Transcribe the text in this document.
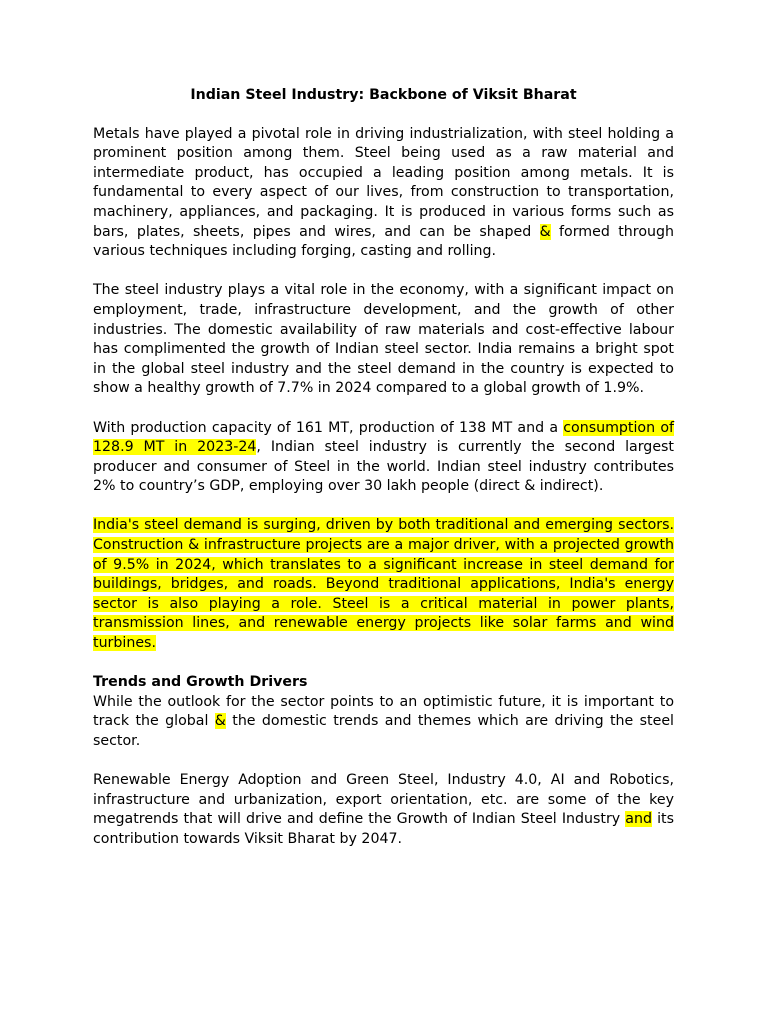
Indian Steel Industry: Backbone of Viksit Bharat

Metals have played a pivotal role in driving industrialization, with steel holding a prominent position among them. Steel being used as a raw material and intermediate product, has occupied a leading position among metals. It is fundamental to every aspect of our lives, from construction to transportation, machinery, appliances, and packaging. It is produced in various forms such as bars, plates, sheets, pipes and wires, and can be shaped & formed through various techniques including forging, casting and rolling.

The steel industry plays a vital role in the economy, with a significant impact on employment, trade, infrastructure development, and the growth of other industries. The domestic availability of raw materials and cost-effective labour has complimented the growth of Indian steel sector. India remains a bright spot in the global steel industry and the steel demand in the country is expected to show a healthy growth of 7.7% in 2024 compared to a global growth of 1.9%.

With production capacity of 161 MT, production of 138 MT and a consumption of 128.9 MT in 2023-24, Indian steel industry is currently the second largest producer and consumer of Steel in the world. Indian steel industry contributes 2% to country’s GDP, employing over 30 lakh people (direct & indirect).

India's steel demand is surging, driven by both traditional and emerging sectors. Construction & infrastructure projects are a major driver, with a projected growth of 9.5% in 2024, which translates to a significant increase in steel demand for buildings, bridges, and roads. Beyond traditional applications, India's energy sector is also playing a role. Steel is a critical material in power plants, transmission lines, and renewable energy projects like solar farms and wind turbines.

Trends and Growth Drivers

While the outlook for the sector points to an optimistic future, it is important to track the global & the domestic trends and themes which are driving the steel sector.

Renewable Energy Adoption and Green Steel, Industry 4.0, AI and Robotics, infrastructure and urbanization, export orientation, etc. are some of the key megatrends that will drive and define the Growth of Indian Steel Industry and its contribution towards Viksit Bharat by 2047.
